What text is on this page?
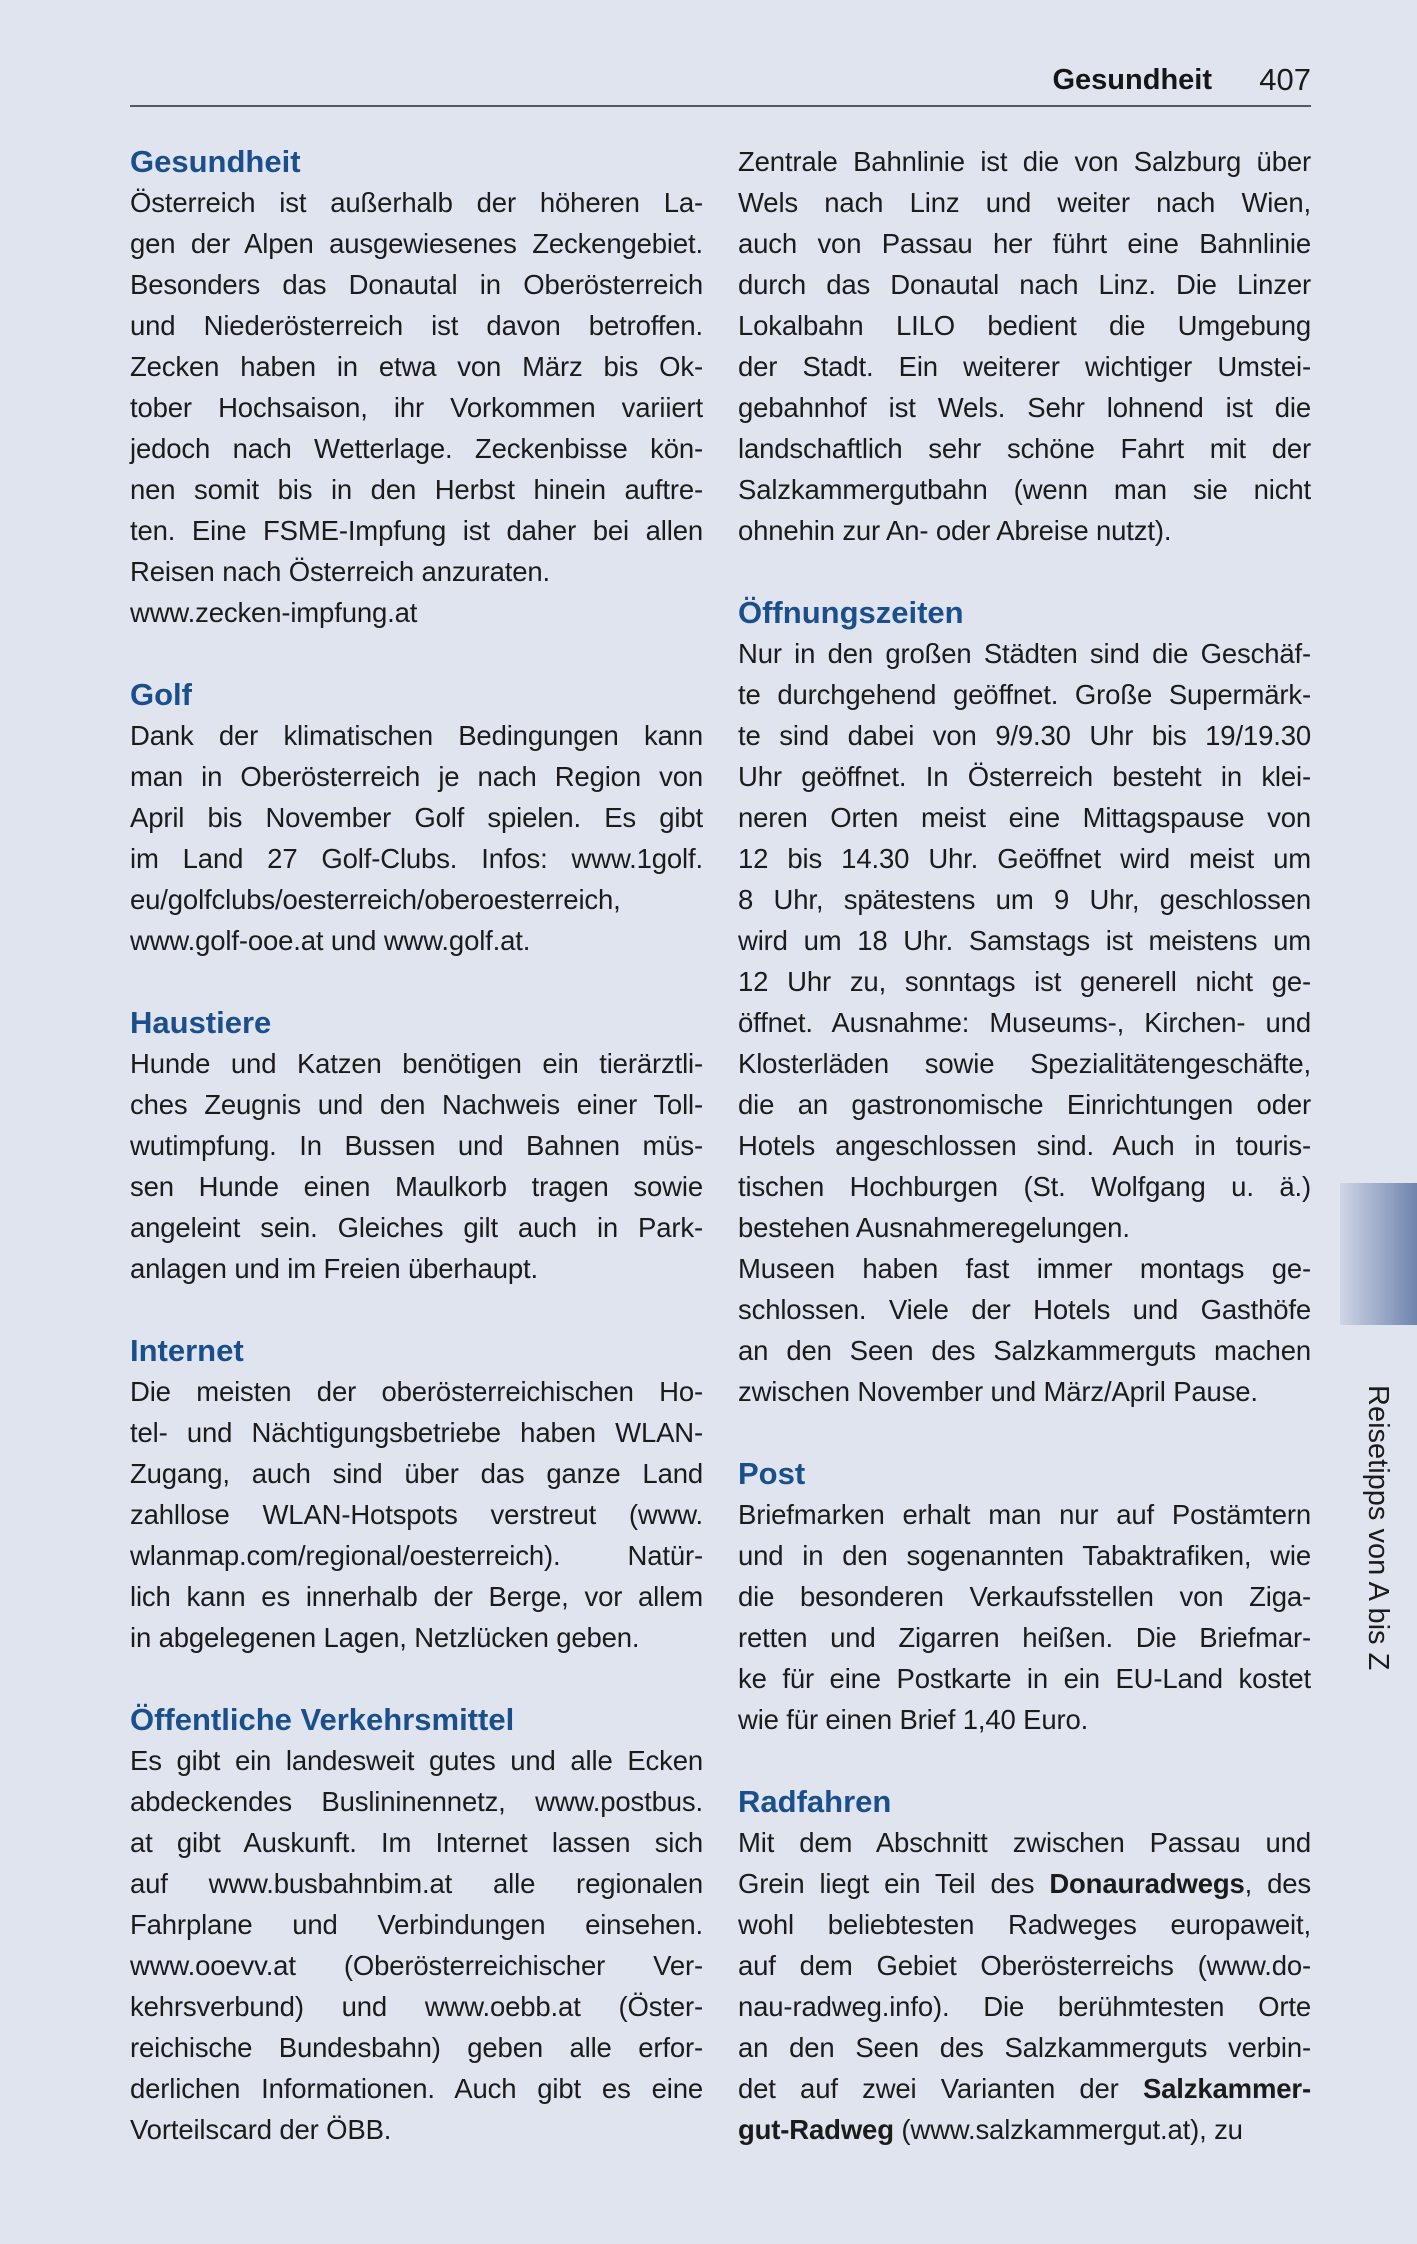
Gesundheit 407
Gesundheit
Österreich ist außerhalb der höheren La-
gen der Alpen ausgewiesenes Zeckengebiet.
Besonders das Donautal in Oberösterreich
und Niederösterreich ist davon betroffen.
Zecken haben in etwa von März bis Ok-
tober Hochsaison, ihr Vorkommen variiert
jedoch nach Wetterlage. Zeckenbisse kön-
nen somit bis in den Herbst hinein auftre-
ten. Eine FSME-Impfung ist daher bei allen
Reisen nach Österreich anzuraten.
www.zecken-impfung.at
Golf
Dank der klimatischen Bedingungen kann
man in Oberösterreich je nach Region von
April bis November Golf spielen. Es gibt
im Land 27 Golf-Clubs. Infos: www.1golf.
eu/golfclubs/oesterreich/oberoesterreich,
www.golf-ooe.at und www.golf.at.
Haustiere
Hunde und Katzen benötigen ein tierärztli-
ches Zeugnis und den Nachweis einer Toll-
wutimpfung. In Bussen und Bahnen müs-
sen Hunde einen Maulkorb tragen sowie
angeleint sein. Gleiches gilt auch in Park-
anlagen und im Freien überhaupt.
Internet
Die meisten der oberösterreichischen Ho-
tel- und Nächtigungsbetriebe haben WLAN-
Zugang, auch sind über das ganze Land
zahllose WLAN-Hotspots verstreut (www.
wlanmap.com/regional/oesterreich). Natür-
lich kann es innerhalb der Berge, vor allem
in abgelegenen Lagen, Netzlücken geben.
Öffentliche Verkehrsmittel
Es gibt ein landesweit gutes und alle Ecken
abdeckendes Buslininennetz, www.postbus.
at gibt Auskunft. Im Internet lassen sich
auf www.busbahnbim.at alle regionalen
Fahrplane und Verbindungen einsehen.
www.ooevv.at (Oberösterreichischer Ver-
kehrsverbund) und www.oebb.at (Öster-
reichische Bundesbahn) geben alle erfor-
derlichen Informationen. Auch gibt es eine
Vorteilscard der ÖBB.
Zentrale Bahnlinie ist die von Salzburg über
Wels nach Linz und weiter nach Wien,
auch von Passau her führt eine Bahnlinie
durch das Donautal nach Linz. Die Linzer
Lokalbahn LILO bedient die Umgebung
der Stadt. Ein weiterer wichtiger Umstei-
gebahnhof ist Wels. Sehr lohnend ist die
landschaftlich sehr schöne Fahrt mit der
Salzkammergutbahn (wenn man sie nicht
ohnehin zur An- oder Abreise nutzt).
Öffnungszeiten
Nur in den großen Städten sind die Geschäf-
te durchgehend geöffnet. Große Supermärk-
te sind dabei von 9/9.30 Uhr bis 19/19.30
Uhr geöffnet. In Österreich besteht in klei-
neren Orten meist eine Mittagspause von
12 bis 14.30 Uhr. Geöffnet wird meist um
8 Uhr, spätestens um 9 Uhr, geschlossen
wird um 18 Uhr. Samstags ist meistens um
12 Uhr zu, sonntags ist generell nicht ge-
öffnet. Ausnahme: Museums-, Kirchen- und
Klosterläden sowie Spezialitätengeschäfte,
die an gastronomische Einrichtungen oder
Hotels angeschlossen sind. Auch in touris-
tischen Hochburgen (St. Wolfgang u. ä.)
bestehen Ausnahmeregelungen.
Museen haben fast immer montags ge-
schlossen. Viele der Hotels und Gasthöfe
an den Seen des Salzkammerguts machen
zwischen November und März/April Pause.
Post
Briefmarken erhalt man nur auf Postämtern
und in den sogenannten Tabaktrafiken, wie
die besonderen Verkaufsstellen von Ziga-
retten und Zigarren heißen. Die Briefmar-
ke für eine Postkarte in ein EU-Land kostet
wie für einen Brief 1,40 Euro.
Radfahren
Mit dem Abschnitt zwischen Passau und
Grein liegt ein Teil des Donauradwegs, des
wohl beliebtesten Radweges europaweit,
auf dem Gebiet Oberösterreichs (www.do-
nau-radweg.info). Die berühmtesten Orte
an den Seen des Salzkammerguts verbin-
det auf zwei Varianten der Salzkammer-
gut-Radweg (www.salzkammergut.at), zu
Reisetipps von A bis Z
